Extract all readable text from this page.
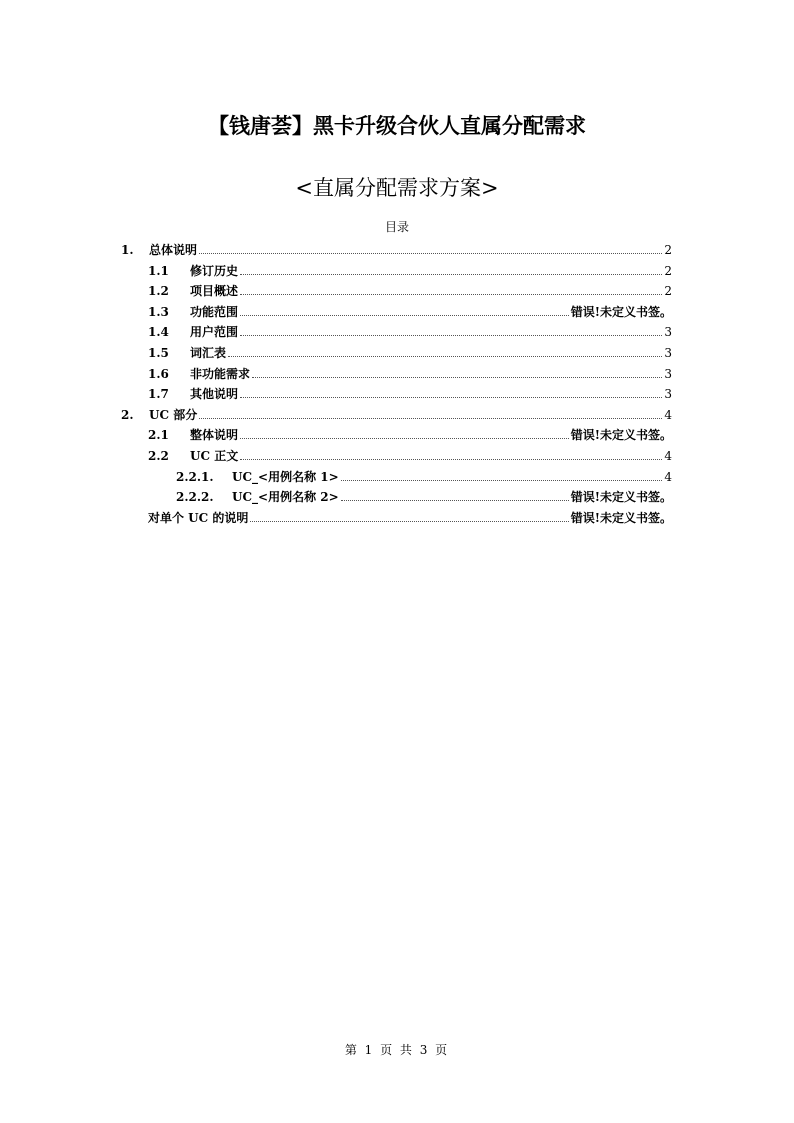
【钱唐荟】黑卡升级合伙人直属分配需求
<直属分配需求方案>
目录
1.	总体说明	2
1.1	修订历史	2
1.2	项目概述	2
1.3	功能范围	错误!未定义书签。
1.4	用户范围	3
1.5	词汇表	3
1.6	非功能需求	3
1.7	其他说明	3
2.	UC 部分	4
2.1	整体说明	错误!未定义书签。
2.2	UC 正文	4
2.2.1.	UC_<用例名称 1>	4
2.2.2.	UC_<用例名称 2>	错误!未定义书签。
对单个 UC 的说明	错误!未定义书签。
第 1 页 共 3 页
